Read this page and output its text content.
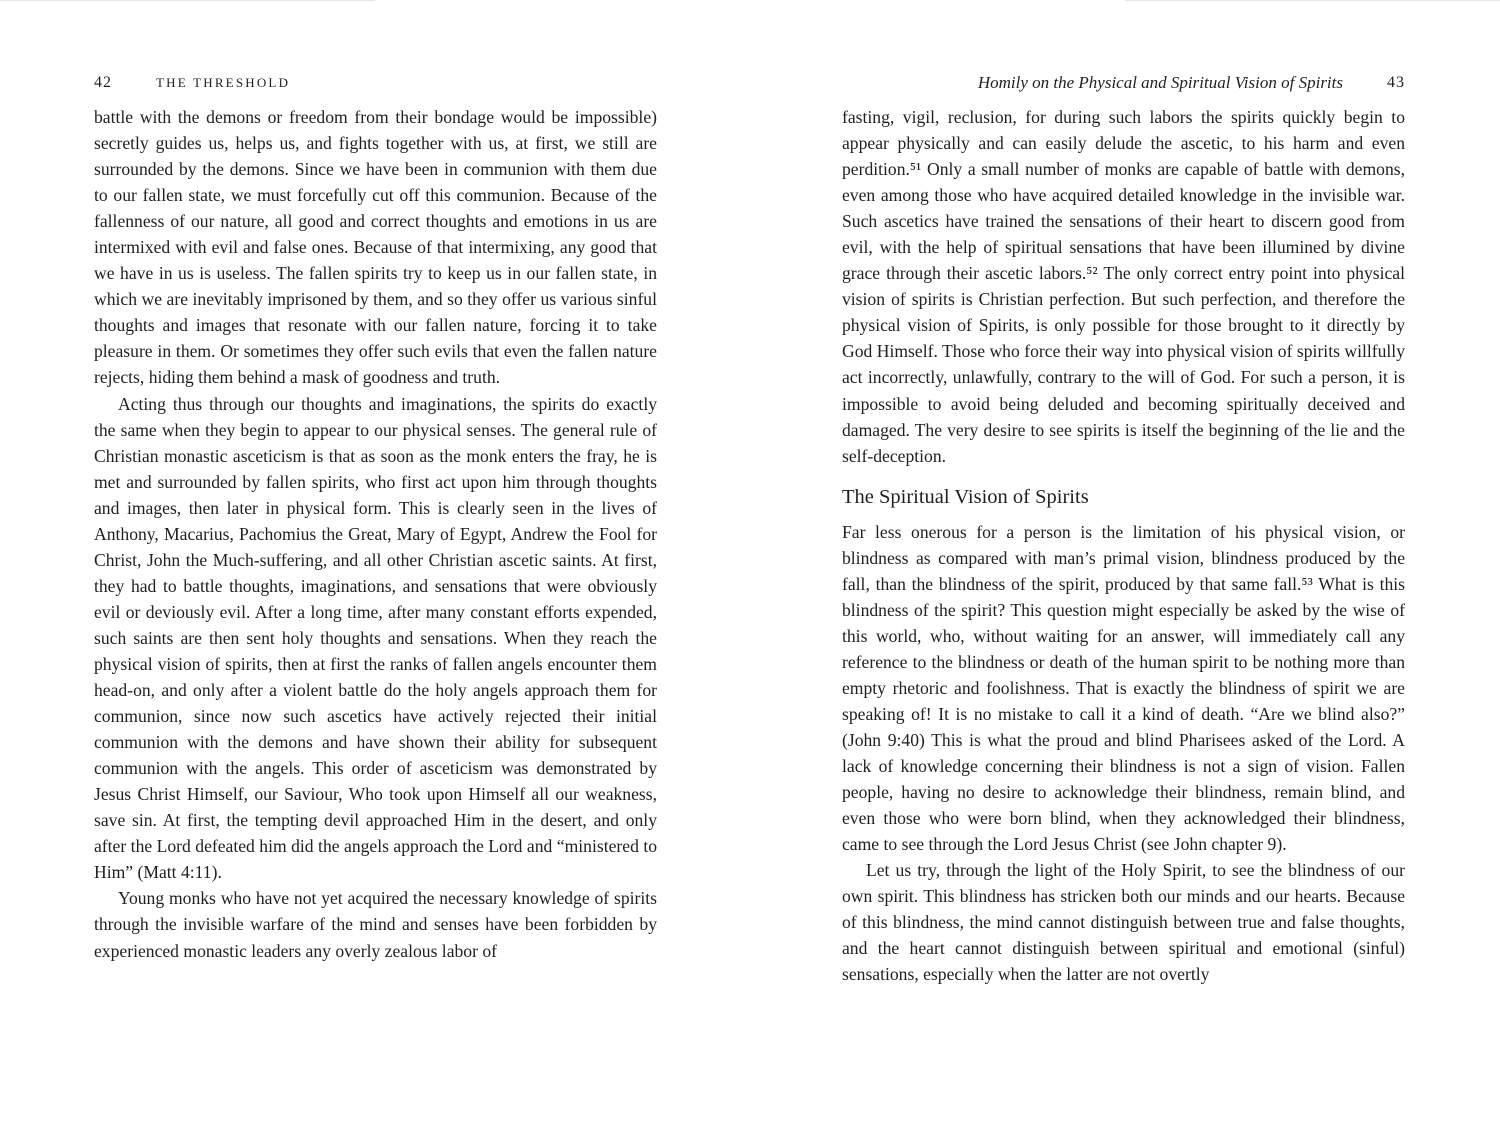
42	THE THRESHOLD

battle with the demons or freedom from their bondage would be impossible) secretly guides us, helps us, and fights together with us, at first, we still are surrounded by the demons. Since we have been in communion with them due to our fallen state, we must forcefully cut off this communion. Because of the fallenness of our nature, all good and correct thoughts and emotions in us are intermixed with evil and false ones. Because of that intermixing, any good that we have in us is useless. The fallen spirits try to keep us in our fallen state, in which we are inevitably imprisoned by them, and so they offer us various sinful thoughts and images that resonate with our fallen nature, forcing it to take pleasure in them. Or sometimes they offer such evils that even the fallen nature rejects, hiding them behind a mask of goodness and truth.

Acting thus through our thoughts and imaginations, the spirits do exactly the same when they begin to appear to our physical senses. The general rule of Christian monastic asceticism is that as soon as the monk enters the fray, he is met and surrounded by fallen spirits, who first act upon him through thoughts and images, then later in physical form. This is clearly seen in the lives of Anthony, Macarius, Pachomius the Great, Mary of Egypt, Andrew the Fool for Christ, John the Much-suffering, and all other Christian ascetic saints. At first, they had to battle thoughts, imaginations, and sensations that were obviously evil or deviously evil. After a long time, after many constant efforts expended, such saints are then sent holy thoughts and sensations. When they reach the physical vision of spirits, then at first the ranks of fallen angels encounter them head-on, and only after a violent battle do the holy angels approach them for communion, since now such ascetics have actively rejected their initial communion with the demons and have shown their ability for subsequent communion with the angels. This order of asceticism was demonstrated by Jesus Christ Himself, our Saviour, Who took upon Himself all our weakness, save sin. At first, the tempting devil approached Him in the desert, and only after the Lord defeated him did the angels approach the Lord and “ministered to Him” (Matt 4:11).

Young monks who have not yet acquired the necessary knowledge of spirits through the invisible warfare of the mind and senses have been forbidden by experienced monastic leaders any overly zealous labor of

Homily on the Physical and Spiritual Vision of Spirits	43

fasting, vigil, reclusion, for during such labors the spirits quickly begin to appear physically and can easily delude the ascetic, to his harm and even perdition.⁵¹ Only a small number of monks are capable of battle with demons, even among those who have acquired detailed knowledge in the invisible war. Such ascetics have trained the sensations of their heart to discern good from evil, with the help of spiritual sensations that have been illumined by divine grace through their ascetic labors.⁵² The only correct entry point into physical vision of spirits is Christian perfection. But such perfection, and therefore the physical vision of Spirits, is only possible for those brought to it directly by God Himself. Those who force their way into physical vision of spirits willfully act incorrectly, unlawfully, contrary to the will of God. For such a person, it is impossible to avoid being deluded and becoming spiritually deceived and damaged. The very desire to see spirits is itself the beginning of the lie and the self-deception.

The Spiritual Vision of Spirits

Far less onerous for a person is the limitation of his physical vision, or blindness as compared with man’s primal vision, blindness produced by the fall, than the blindness of the spirit, produced by that same fall.⁵³ What is this blindness of the spirit? This question might especially be asked by the wise of this world, who, without waiting for an answer, will immediately call any reference to the blindness or death of the human spirit to be nothing more than empty rhetoric and foolishness. That is exactly the blindness of spirit we are speaking of! It is no mistake to call it a kind of death. “Are we blind also?” (John 9:40) This is what the proud and blind Pharisees asked of the Lord. A lack of knowledge concerning their blindness is not a sign of vision. Fallen people, having no desire to acknowledge their blindness, remain blind, and even those who were born blind, when they acknowledged their blindness, came to see through the Lord Jesus Christ (see John chapter 9).

Let us try, through the light of the Holy Spirit, to see the blindness of our own spirit. This blindness has stricken both our minds and our hearts. Because of this blindness, the mind cannot distinguish between true and false thoughts, and the heart cannot distinguish between spiritual and emotional (sinful) sensations, especially when the latter are not overtly
